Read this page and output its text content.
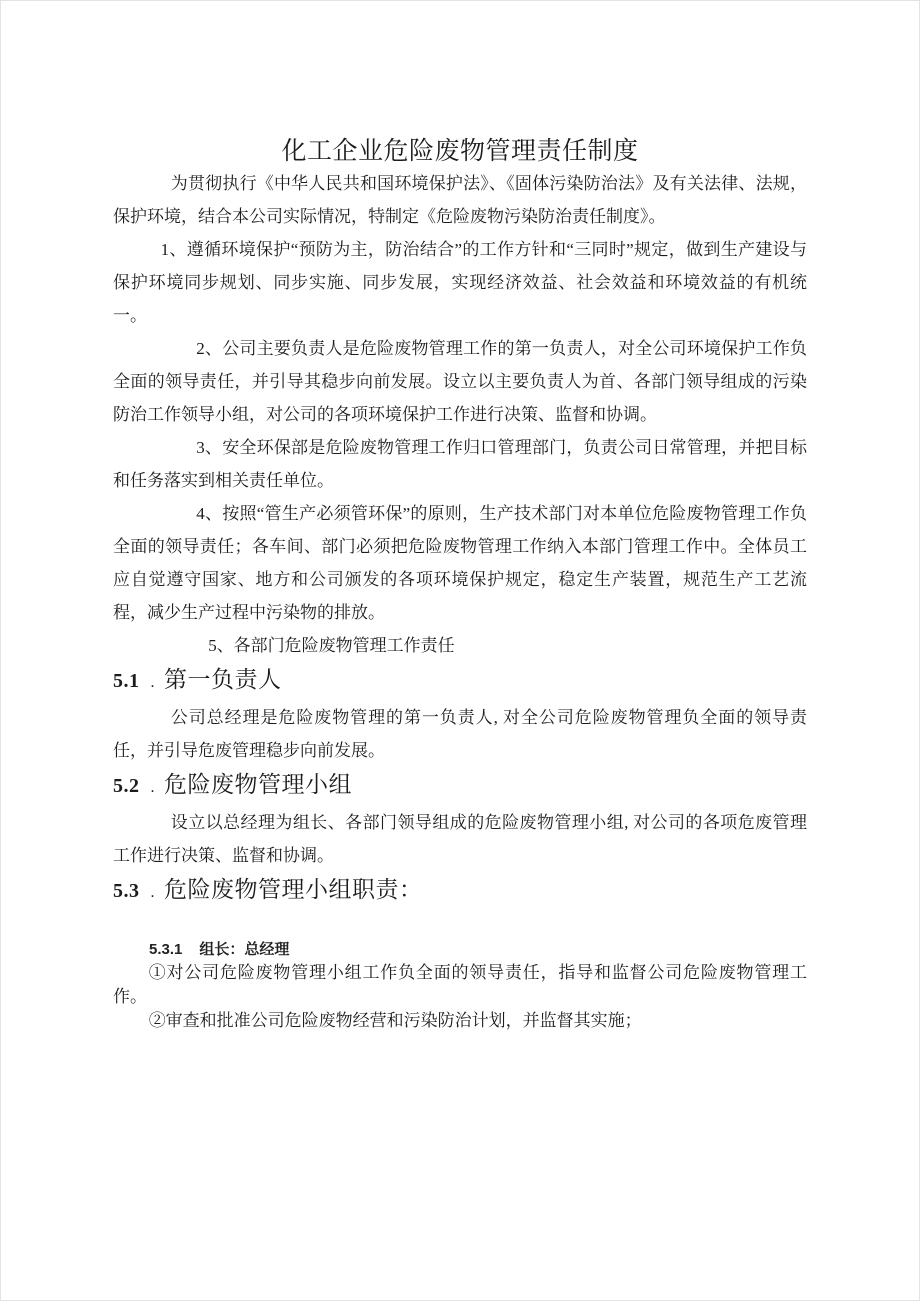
化工企业危险废物管理责任制度

为贯彻执行《中华人民共和国环境保护法》、《固体污染防治法》及有关法律、法规，保护环境，结合本公司实际情况，特制定《危险废物污染防治责任制度》。

1、遵循环境保护“预防为主，防治结合”的工作方针和“三同时”规定，做到生产建设与保护环境同步规划、同步实施、同步发展，实现经济效益、社会效益和环境效益的有机统一。

2、公司主要负责人是危险废物管理工作的第一负责人，对全公司环境保护工作负全面的领导责任，并引导其稳步向前发展。设立以主要负责人为首、各部门领导组成的污染防治工作领导小组，对公司的各项环境保护工作进行决策、监督和协调。

3、安全环保部是危险废物管理工作归口管理部门，负责公司日常管理，并把目标和任务落实到相关责任单位。

4、按照“管生产必须管环保”的原则，生产技术部门对本单位危险废物管理工作负全面的领导责任；各车间、部门必须把危险废物管理工作纳入本部门管理工作中。全体员工应自觉遵守国家、地方和公司颁发的各项环境保护规定，稳定生产装置，规范生产工艺流程，减少生产过程中污染物的排放。

5、各部门危险废物管理工作责任

5.1 . 第一负责人

公司总经理是危险废物管理的第一负责人, 对全公司危险废物管理负全面的领导责任，并引导危废管理稳步向前发展。

5.2 . 危险废物管理小组

设立以总经理为组长、各部门领导组成的危险废物管理小组, 对公司的各项危废管理工作进行决策、监督和协调。

5.3 . 危险废物管理小组职责：
5.3.1 组长：总经理

①对公司危险废物管理小组工作负全面的领导责任，指导和监督公司危险废物管理工作。

②审查和批准公司危险废物经营和污染防治计划，并监督其实施；
